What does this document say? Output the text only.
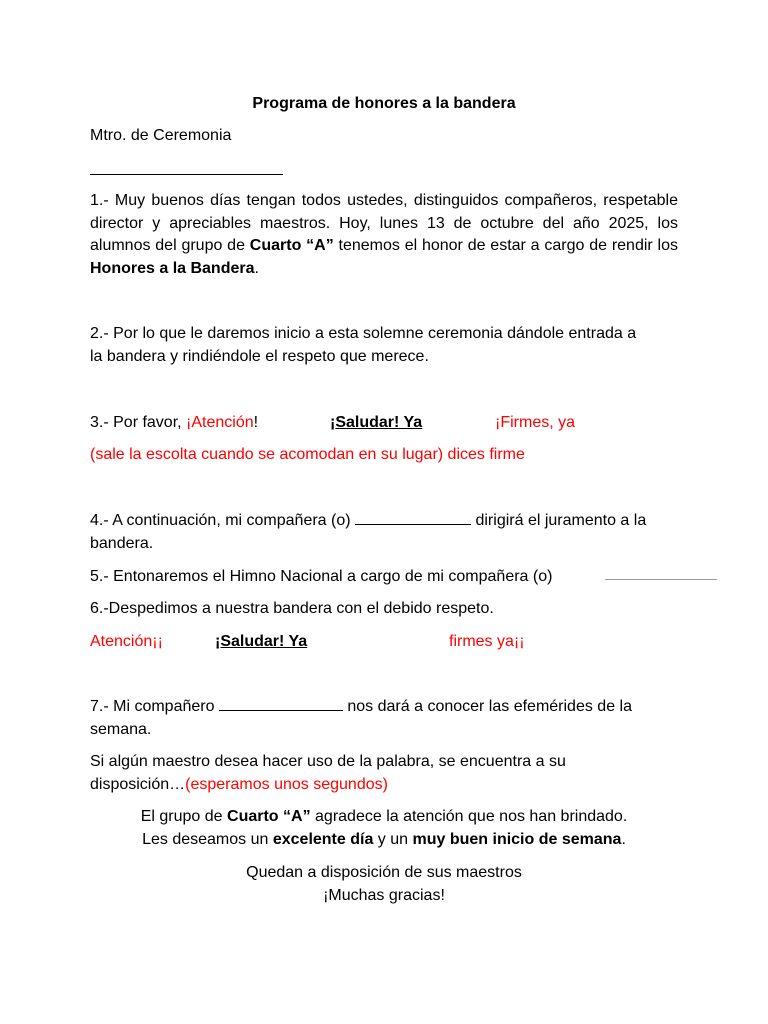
Programa de honores a la bandera
Mtro. de Ceremonia
1.- Muy buenos días tengan todos ustedes, distinguidos compañeros, respetable director y apreciables maestros. Hoy, lunes 13 de octubre del año 2025, los alumnos del grupo de Cuarto “A” tenemos el honor de estar a cargo de rendir los Honores a la Bandera.
2.- Por lo que le daremos inicio a esta solemne ceremonia dándole entrada a la bandera y rindiéndole el respeto que merece.
3.- Por favor, ¡Atención!	¡Saludar! Ya	¡Firmes, ya
(sale la escolta cuando se acomodan en su lugar) dices firme
4.- A continuación, mi compañera (o)	dirigirá el juramento a la bandera.
5.- Entonaremos el Himno Nacional a cargo de mi compañera (o)
6.-Despedimos a nuestra bandera con el debido respeto.
Atención¡¡	¡Saludar! Ya	firmes ya¡¡
7.- Mi compañero	nos dará a conocer las efemérides de la semana.
Si algún maestro desea hacer uso de la palabra, se encuentra a su disposición…(esperamos unos segundos)
El grupo de Cuarto “A” agradece la atención que nos han brindado.
Les deseamos un excelente día y un muy buen inicio de semana.
Quedan a disposición de sus maestros
¡Muchas gracias!
